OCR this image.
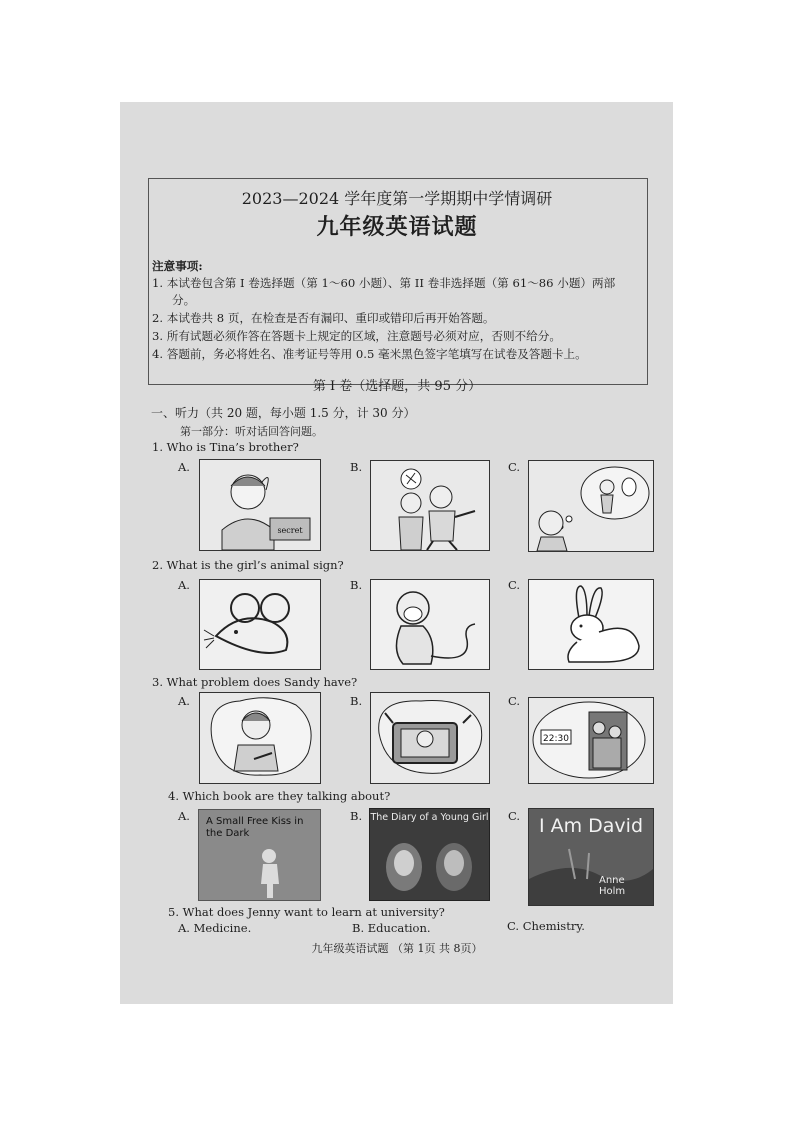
2023—2024 学年度第一学期期中学情调研
九年级英语试题
注意事项:
1. 本试卷包含第 I 卷选择题（第 1～60 小题）、第 II 卷非选择题（第 61～86 小题）两部
分。
2. 本试卷共 8 页，在检查是否有漏印、重印或错印后再开始答题。
3. 所有试题必须作答在答题卡上规定的区域，注意题号必须对应，否则不给分。
4. 答题前，务必将姓名、准考证号等用 0.5 毫米黑色签字笔填写在试卷及答题卡上。
第 I 卷（选择题，共 95 分）
一、听力（共 20 题，每小题 1.5 分，计 30 分）
第一部分：听对话回答问题。
1. Who is Tina’s brother?
A.	B.	C.
secret
2. What is the girl’s animal sign?
A.	B.	C.
3. What problem does Sandy have?
A.	B.	C.
22:30
4. Which book are they talking about?
A.	B.	C.
A Small Free Kiss in the Dark
The Diary of a Young Girl	I Am David
Anne Holm
5. What does Jenny want to learn at university?
A. Medicine.	B. Education.	C. Chemistry.
九年级英语试题 （第 1页 共 8页）
